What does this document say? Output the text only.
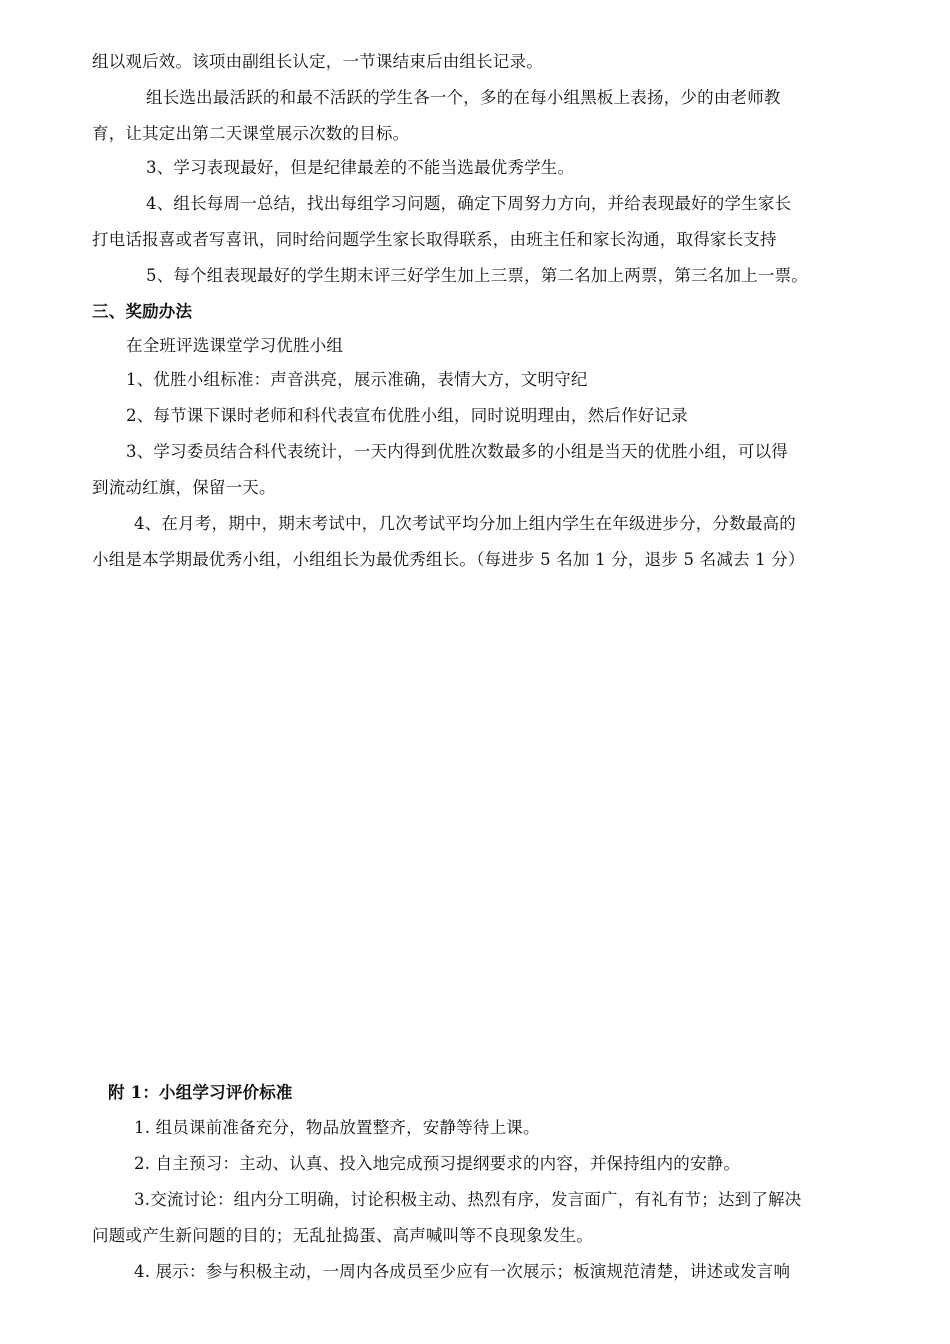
组以观后效。该项由副组长认定，一节课结束后由组长记录。
组长选出最活跃的和最不活跃的学生各一个，多的在每小组黑板上表扬，少的由老师教
育，让其定出第二天课堂展示次数的目标。
3、学习表现最好，但是纪律最差的不能当选最优秀学生。
4、组长每周一总结，找出每组学习问题，确定下周努力方向，并给表现最好的学生家长
打电话报喜或者写喜讯，同时给问题学生家长取得联系，由班主任和家长沟通，取得家长支持
5、每个组表现最好的学生期末评三好学生加上三票，第二名加上两票，第三名加上一票。
三、奖励办法
在全班评选课堂学习优胜小组
1、优胜小组标准：声音洪亮，展示准确，表情大方，文明守纪
2、每节课下课时老师和科代表宣布优胜小组，同时说明理由，然后作好记录
3、学习委员结合科代表统计，一天内得到优胜次数最多的小组是当天的优胜小组，可以得
到流动红旗，保留一天。
4、在月考，期中，期末考试中，几次考试平均分加上组内学生在年级进步分，分数最高的
小组是本学期最优秀小组，小组组长为最优秀组长。（每进步 5 名加 1 分，退步 5 名减去 1 分）
附 1：小组学习评价标准
1. 组员课前准备充分，物品放置整齐，安静等待上课。
2. 自主预习：主动、认真、投入地完成预习提纲要求的内容，并保持组内的安静。
3.交流讨论：组内分工明确，讨论积极主动、热烈有序，发言面广，有礼有节；达到了解决
问题或产生新问题的目的；无乱扯捣蛋、高声喊叫等不良现象发生。
4. 展示：参与积极主动，一周内各成员至少应有一次展示；板演规范清楚，讲述或发言响
